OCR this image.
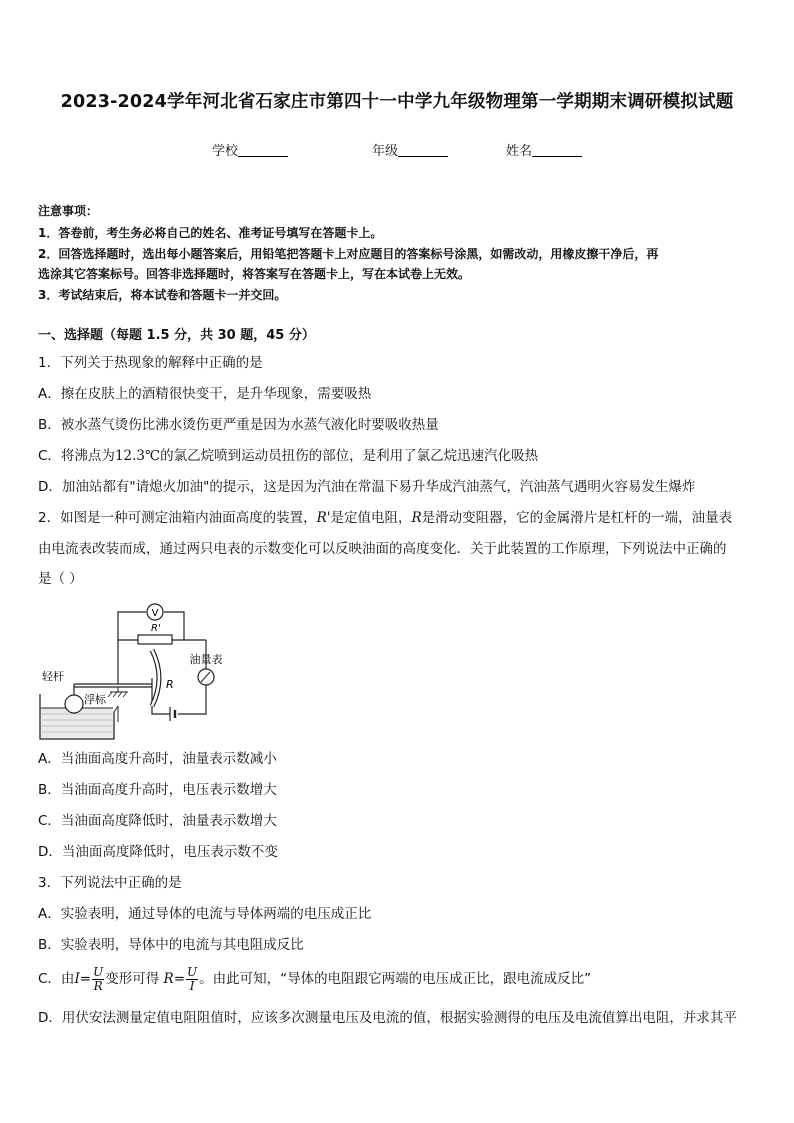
2023-2024学年河北省石家庄市第四十一中学九年级物理第一学期期末调研模拟试题
学校	年级	姓名
注意事项：
1．答卷前，考生务必将自己的姓名、准考证号填写在答题卡上。
2．回答选择题时，选出每小题答案后，用铅笔把答题卡上对应题目的答案标号涂黑，如需改动，用橡皮擦干净后，再
选涂其它答案标号。回答非选择题时，将答案写在答题卡上，写在本试卷上无效。
3．考试结束后，将本试卷和答题卡一并交回。
一、选择题（每题 1.5 分，共 30 题，45 分）
1．下列关于热现象的解释中正确的是
A．擦在皮肤上的酒精很快变干，是升华现象，需要吸热
B．被水蒸气烫伤比沸水烫伤更严重是因为水蒸气液化时要吸收热量
C．将沸点为12.3℃的氯乙烷喷到运动员扭伤的部位，是利用了氯乙烷迅速汽化吸热
D．加油站都有"请熄火加油"的提示，这是因为汽油在常温下易升华成汽油蒸气，汽油蒸气遇明火容易发生爆炸
2．如图是一种可测定油箱内油面高度的装置，R'是定值电阻，R是滑动变阻器，它的金属滑片是杠杆的一端，油量表
由电流表改装而成，通过两只电表的示数变化可以反映油面的高度变化．关于此装置的工作原理，下列说法中正确的
是（ ）
V
R'
油量表
R
轻杆
浮标
A．当油面高度升高时，油量表示数减小
B．当油面高度升高时，电压表示数增大
C．当油面高度降低时，油量表示数增大
D．当油面高度降低时，电压表示数不变
3．下列说法中正确的是
A．实验表明，通过导体的电流与导体两端的电压成正比
B．实验表明，导体中的电流与其电阻成反比
C．由$I= \frac{U}{R}$ 变形可得 $R= \frac{U}{I}$ 。由此可知，“导体的电阻跟它两端的电压成正比，跟电流成反比”
D．用伏安法测量定值电阻阻值时，应该多次测量电压及电流的值，根据实验测得的电压及电流值算出电阻，并求其平
